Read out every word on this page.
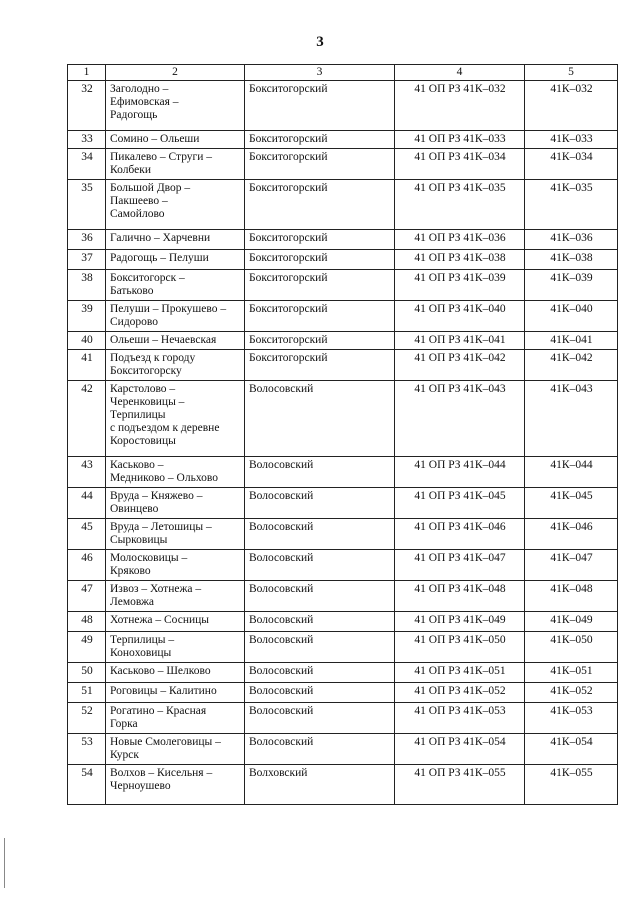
3
1	2	3	4	5
32	Заголодно –
Ефимовская –
Радогощь	Бокситогорский	41 ОП РЗ 41К–032	41К–032
33	Сомино – Ольеши	Бокситогорский	41 ОП РЗ 41К–033	41К–033
34	Пикалево – Струги –
Колбеки	Бокситогорский	41 ОП РЗ 41К–034	41К–034
35	Большой Двор –
Пакшеево –
Самойлово	Бокситогорский	41 ОП РЗ 41К–035	41К–035
36	Галично – Харчевни	Бокситогорский	41 ОП РЗ 41К–036	41К–036
37	Радогощь – Пелуши	Бокситогорский	41 ОП РЗ 41К–038	41К–038
38	Бокситогорск –
Батьково	Бокситогорский	41 ОП РЗ 41К–039	41К–039
39	Пелуши – Прокушево –
Сидорово	Бокситогорский	41 ОП РЗ 41К–040	41К–040
40	Ольеши – Нечаевская	Бокситогорский	41 ОП РЗ 41К–041	41К–041
41	Подъезд к городу
Бокситогорску	Бокситогорский	41 ОП РЗ 41К–042	41К–042
42	Карстолово –
Черенковицы –
Терпилицы
с подъездом к деревне
Коростовицы	Волосовский	41 ОП РЗ 41К–043	41К–043
43	Каськово –
Медниково – Ольхово	Волосовский	41 ОП РЗ 41К–044	41К–044
44	Вруда – Княжево –
Овинцево	Волосовский	41 ОП РЗ 41К–045	41К–045
45	Вруда – Летошицы –
Сырковицы	Волосовский	41 ОП РЗ 41К–046	41К–046
46	Молосковицы –
Кряково	Волосовский	41 ОП РЗ 41К–047	41К–047
47	Извоз – Хотнежа –
Лемовжа	Волосовский	41 ОП РЗ 41К–048	41К–048
48	Хотнежа – Сосницы	Волосовский	41 ОП РЗ 41К–049	41К–049
49	Терпилицы –
Конoховицы	Волосовский	41 ОП РЗ 41К–050	41К–050
50	Каськово – Шелково	Волосовский	41 ОП РЗ 41К–051	41К–051
51	Роговицы – Калитино	Волосовский	41 ОП РЗ 41К–052	41К–052
52	Рогатино – Красная
Горка	Волосовский	41 ОП РЗ 41К–053	41К–053
53	Новые Смолеговицы –
Курск	Волосовский	41 ОП РЗ 41К–054	41К–054
54	Волхов – Кисельня –
Черноушево	Волховский	41 ОП РЗ 41К–055	41К–055
